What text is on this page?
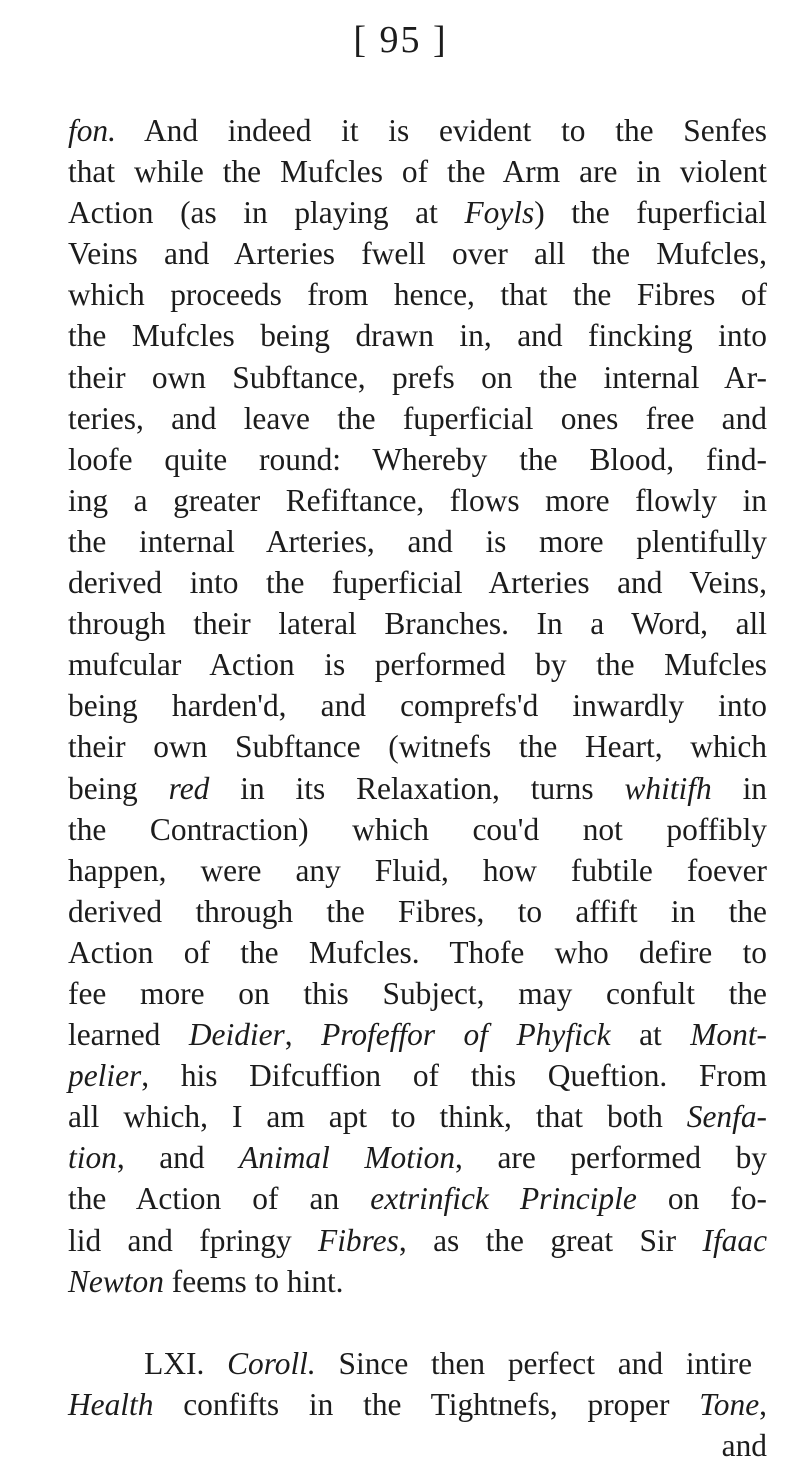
[ 95 ]
fon. And indeed it is evident to the Senfes
that while the Mufcles of the Arm are in violent
Action (as in playing at Foyls) the fuperficial
Veins and Arteries fwell over all the Mufcles,
which proceeds from hence, that the Fibres of
the Mufcles being drawn in, and fincking into
their own Subftance, prefs on the internal Ar-
teries, and leave the fuperficial ones free and
loofe quite round: Whereby the Blood, find-
ing a greater Refiftance, flows more flowly in
the internal Arteries, and is more plentifully
derived into the fuperficial Arteries and Veins,
through their lateral Branches. In a Word, all
mufcular Action is performed by the Mufcles
being harden'd, and comprefs'd inwardly into
their own Subftance (witnefs the Heart, which
being red in its Relaxation, turns whitifh in
the Contraction) which cou'd not poffibly
happen, were any Fluid, how fubtile foever
derived through the Fibres, to affift in the
Action of the Mufcles. Thofe who defire to
fee more on this Subject, may confult the
learned Deidier, Profeffor of Phyfick at Mont-
pelier, his Difcuffion of this Queftion. From
all which, I am apt to think, that both Senfa-
tion, and Animal Motion, are performed by
the Action of an extrinfick Principle on fo-
lid and fpringy Fibres, as the great Sir Ifaac
Newton feems to hint.
LXI. Coroll. Since then perfect and intire
Health confifts in the Tightnefs, proper Tone,
and
